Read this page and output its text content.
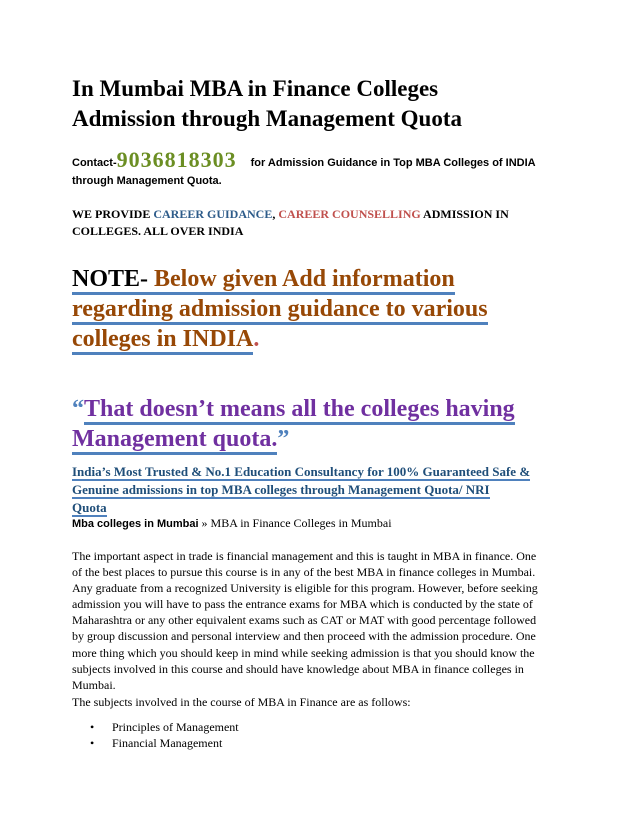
In Mumbai MBA in Finance Colleges
Admission through Management Quota
Contact-9036818303 for Admission Guidance in Top MBA Colleges of INDIA
through Management Quota.
WE PROVIDE CAREER GUIDANCE, CAREER COUNSELLING ADMISSION IN
COLLEGES. ALL OVER INDIA
NOTE- Below given Add information
regarding admission guidance to various
colleges in INDIA.
“That doesn’t means all the colleges having
Management quota.”
India’s Most Trusted & No.1 Education Consultancy for 100% Guaranteed Safe &
Genuine admissions in top MBA colleges through Management Quota/ NRI
Quota
Mba colleges in Mumbai » MBA in Finance Colleges in Mumbai
The important aspect in trade is financial management and this is taught in MBA in finance. One
of the best places to pursue this course is in any of the best MBA in finance colleges in Mumbai.
Any graduate from a recognized University is eligible for this program. However, before seeking
admission you will have to pass the entrance exams for MBA which is conducted by the state of
Maharashtra or any other equivalent exams such as CAT or MAT with good percentage followed
by group discussion and personal interview and then proceed with the admission procedure. One
more thing which you should keep in mind while seeking admission is that you should know the
subjects involved in this course and should have knowledge about MBA in finance colleges in
Mumbai.
The subjects involved in the course of MBA in Finance are as follows:
• Principles of Management
• Financial Management
